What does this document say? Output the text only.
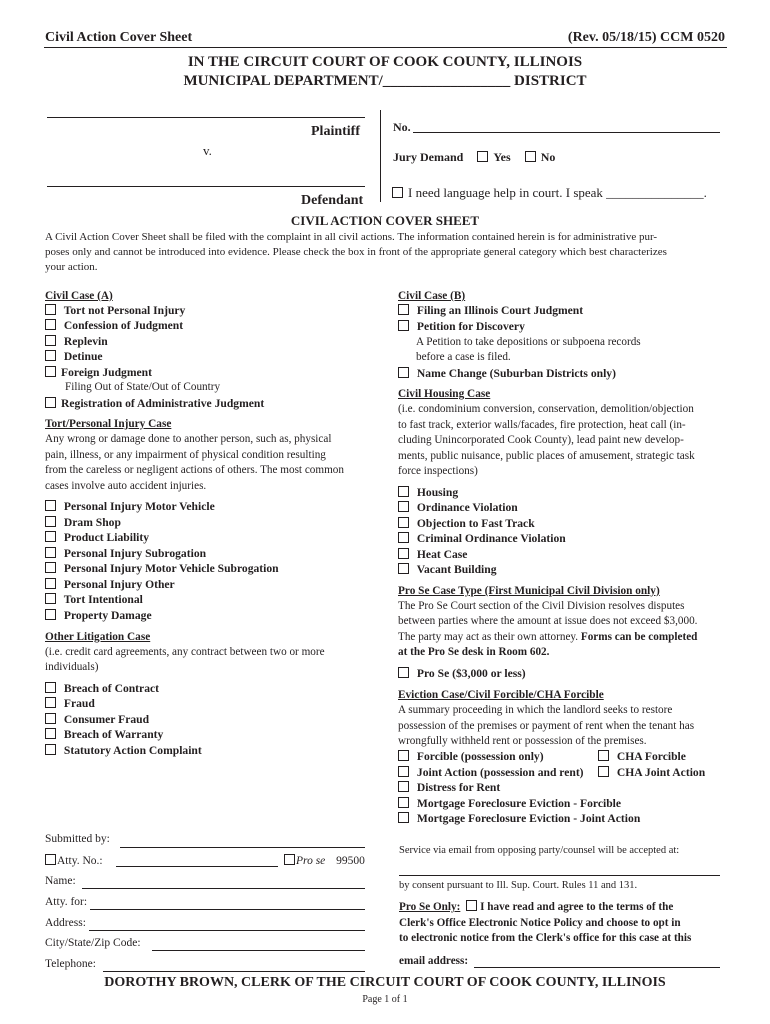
Civil Action Cover Sheet	(Rev. 05/18/15) CCM 0520
IN THE CIRCUIT COURT OF COOK COUNTY, ILLINOIS
MUNICIPAL DEPARTMENT/_________________ DISTRICT
Plaintiff
v.
Defendant
No.
Jury Demand	Yes	No
I need language help in court. I speak _______________.
CIVIL ACTION COVER SHEET
A Civil Action Cover Sheet shall be filed with the complaint in all civil actions. The information contained herein is for administrative pur-
poses only and cannot be introduced into evidence. Please check the box in front of the appropriate general category which best characterizes
your action.
Civil Case (A)
Tort not Personal Injury
Confession of Judgment
Replevin
Detinue
Foreign Judgment
Filing Out of State/Out of Country
Registration of Administrative Judgment
Tort/Personal Injury Case
Any wrong or damage done to another person, such as, physical
pain, illness, or any impairment of physical condition resulting
from the careless or negligent actions of others. The most common
cases involve auto accident injuries.
Personal Injury Motor Vehicle
Dram Shop
Product Liability
Personal Injury Subrogation
Personal Injury Motor Vehicle Subrogation
Personal Injury Other
Tort Intentional
Property Damage
Other Litigation Case
(i.e. credit card agreements, any contract between two or more
individuals)
Breach of Contract
Fraud
Consumer Fraud
Breach of Warranty
Statutory Action Complaint
Civil Case (B)
Filing an Illinois Court Judgment
Petition for Discovery
A Petition to take depositions or subpoena records
before a case is filed.
Name Change (Suburban Districts only)
Civil Housing Case
(i.e. condominium conversion, conservation, demolition/objection
to fast track, exterior walls/facades, fire protection, heat call (in-
cluding Unincorporated Cook County), lead paint new develop-
ments, public nuisance, public places of amusement, strategic task
force inspections)
Housing
Ordinance Violation
Objection to Fast Track
Criminal Ordinance Violation
Heat Case
Vacant Building
Pro Se Case Type (First Municipal Civil Division only)
The Pro Se Court section of the Civil Division resolves disputes
between parties where the amount at issue does not exceed $3,000.
The party may act as their own attorney. Forms can be completed
at the Pro Se desk in Room 602.
Pro Se ($3,000 or less)
Eviction Case/Civil Forcible/CHA Forcible
A summary proceeding in which the landlord seeks to restore
possession of the premises or payment of rent when the tenant has
wrongfully withheld rent or possession of the premises.
Forcible (possession only)	CHA Forcible
Joint Action (possession and rent)	CHA Joint Action
Distress for Rent
Mortgage Foreclosure Eviction - Forcible
Mortgage Foreclosure Eviction - Joint Action
Submitted by:
Atty. No.:	Pro se 99500
Name:
Atty. for:
Address:
City/State/Zip Code:
Telephone:
Service via email from opposing party/counsel will be accepted at:
by consent pursuant to Ill. Sup. Court. Rules 11 and 131.
Pro Se Only: I have read and agree to the terms of the
Clerk's Office Electronic Notice Policy and choose to opt in
to electronic notice from the Clerk's office for this case at this
email address:
DOROTHY BROWN, CLERK OF THE CIRCUIT COURT OF COOK COUNTY, ILLINOIS
Page 1 of 1
